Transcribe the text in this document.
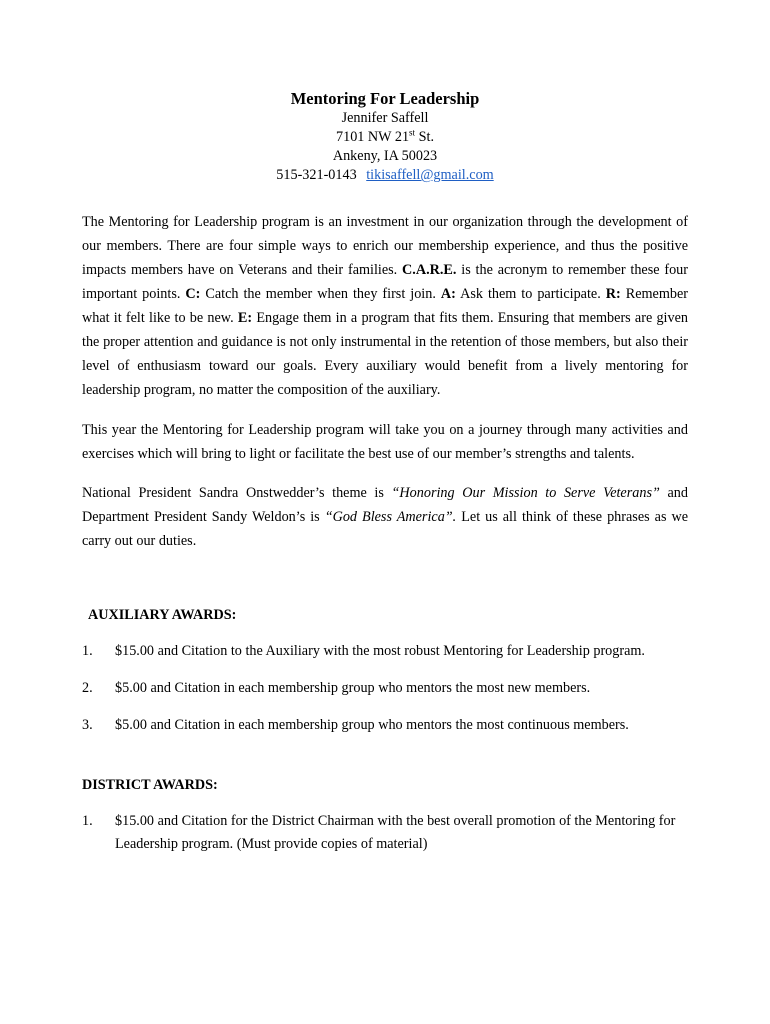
Mentoring For Leadership
Jennifer Saffell
7101 NW 21st St.
Ankeny, IA 50023
515-321-0143 tikisaffell@gmail.com

The Mentoring for Leadership program is an investment in our organization through the development of our members. There are four simple ways to enrich our membership experience, and thus the positive impacts members have on Veterans and their families. C.A.R.E. is the acronym to remember these four important points. C: Catch the member when they first join. A: Ask them to participate. R: Remember what it felt like to be new. E: Engage them in a program that fits them. Ensuring that members are given the proper attention and guidance is not only instrumental in the retention of those members, but also their level of enthusiasm toward our goals. Every auxiliary would benefit from a lively mentoring for leadership program, no matter the composition of the auxiliary.

This year the Mentoring for Leadership program will take you on a journey through many activities and exercises which will bring to light or facilitate the best use of our member’s strengths and talents.

National President Sandra Onstwedder’s theme is “Honoring Our Mission to Serve Veterans” and Department President Sandy Weldon’s is “God Bless America”. Let us all think of these phrases as we carry out our duties.

AUXILIARY AWARDS:

1.	$15.00 and Citation to the Auxiliary with the most robust Mentoring for Leadership program.
2.	$5.00 and Citation in each membership group who mentors the most new members.
3.	$5.00 and Citation in each membership group who mentors the most continuous members.

DISTRICT AWARDS:

1.	$15.00 and Citation for the District Chairman with the best overall promotion of the Mentoring for Leadership program. (Must provide copies of material)
